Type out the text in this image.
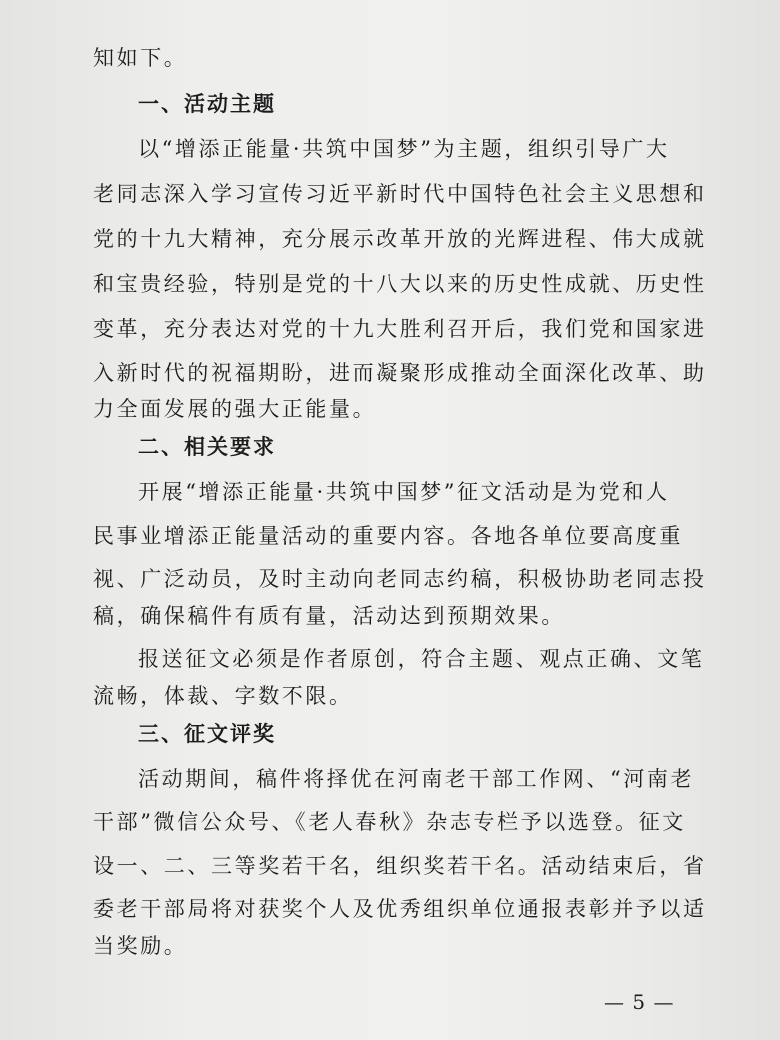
知如下。

一、活动主题

以“增添正能量·共筑中国梦”为主题，组织引导广大

老同志深入学习宣传习近平新时代中国特色社会主义思想和

党的十九大精神，充分展示改革开放的光辉进程、伟大成就

和宝贵经验，特别是党的十八大以来的历史性成就、历史性

变革，充分表达对党的十九大胜利召开后，我们党和国家进

入新时代的祝福期盼，进而凝聚形成推动全面深化改革、助

力全面发展的强大正能量。

二、相关要求

开展“增添正能量·共筑中国梦”征文活动是为党和人

民事业增添正能量活动的重要内容。各地各单位要高度重

视、广泛动员，及时主动向老同志约稿，积极协助老同志投

稿，确保稿件有质有量，活动达到预期效果。

报送征文必须是作者原创，符合主题、观点正确、文笔

流畅，体裁、字数不限。

三、征文评奖

活动期间，稿件将择优在河南老干部工作网、“河南老

干部”微信公众号、《老人春秋》杂志专栏予以选登。征文

设一、二、三等奖若干名，组织奖若干名。活动结束后，省

委老干部局将对获奖个人及优秀组织单位通报表彰并予以适

当奖励。

— 5 —
